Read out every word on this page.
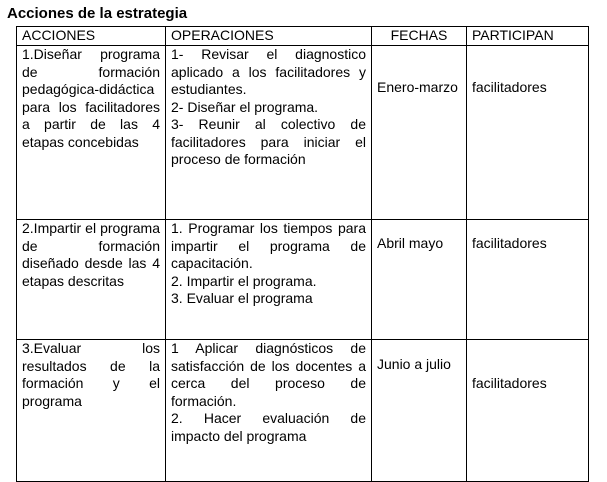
Acciones de la estrategia
ACCIONES	OPERACIONES	FECHAS	PARTICIPAN
1.Diseñar programa de formación pedagógica-didáctica para los facilitadores a partir de las 4 etapas concebidas	1- Revisar el diagnostico aplicado a los facilitadores y estudiantes.
2- Diseñar el programa.
3- Reunir al colectivo de facilitadores para iniciar el proceso de formación	Enero-marzo	facilitadores
2.Impartir el programa de formación diseñado desde las 4 etapas descritas	1. Programar los tiempos para impartir el programa de capacitación.
2. Impartir el programa.
3. Evaluar el programa	Abril mayo	facilitadores
3.Evaluar los resultados de la formación y el programa	1 Aplicar diagnósticos de satisfacción de los docentes a cerca del proceso de formación.
2. Hacer evaluación de impacto del programa	Junio a julio	facilitadores
